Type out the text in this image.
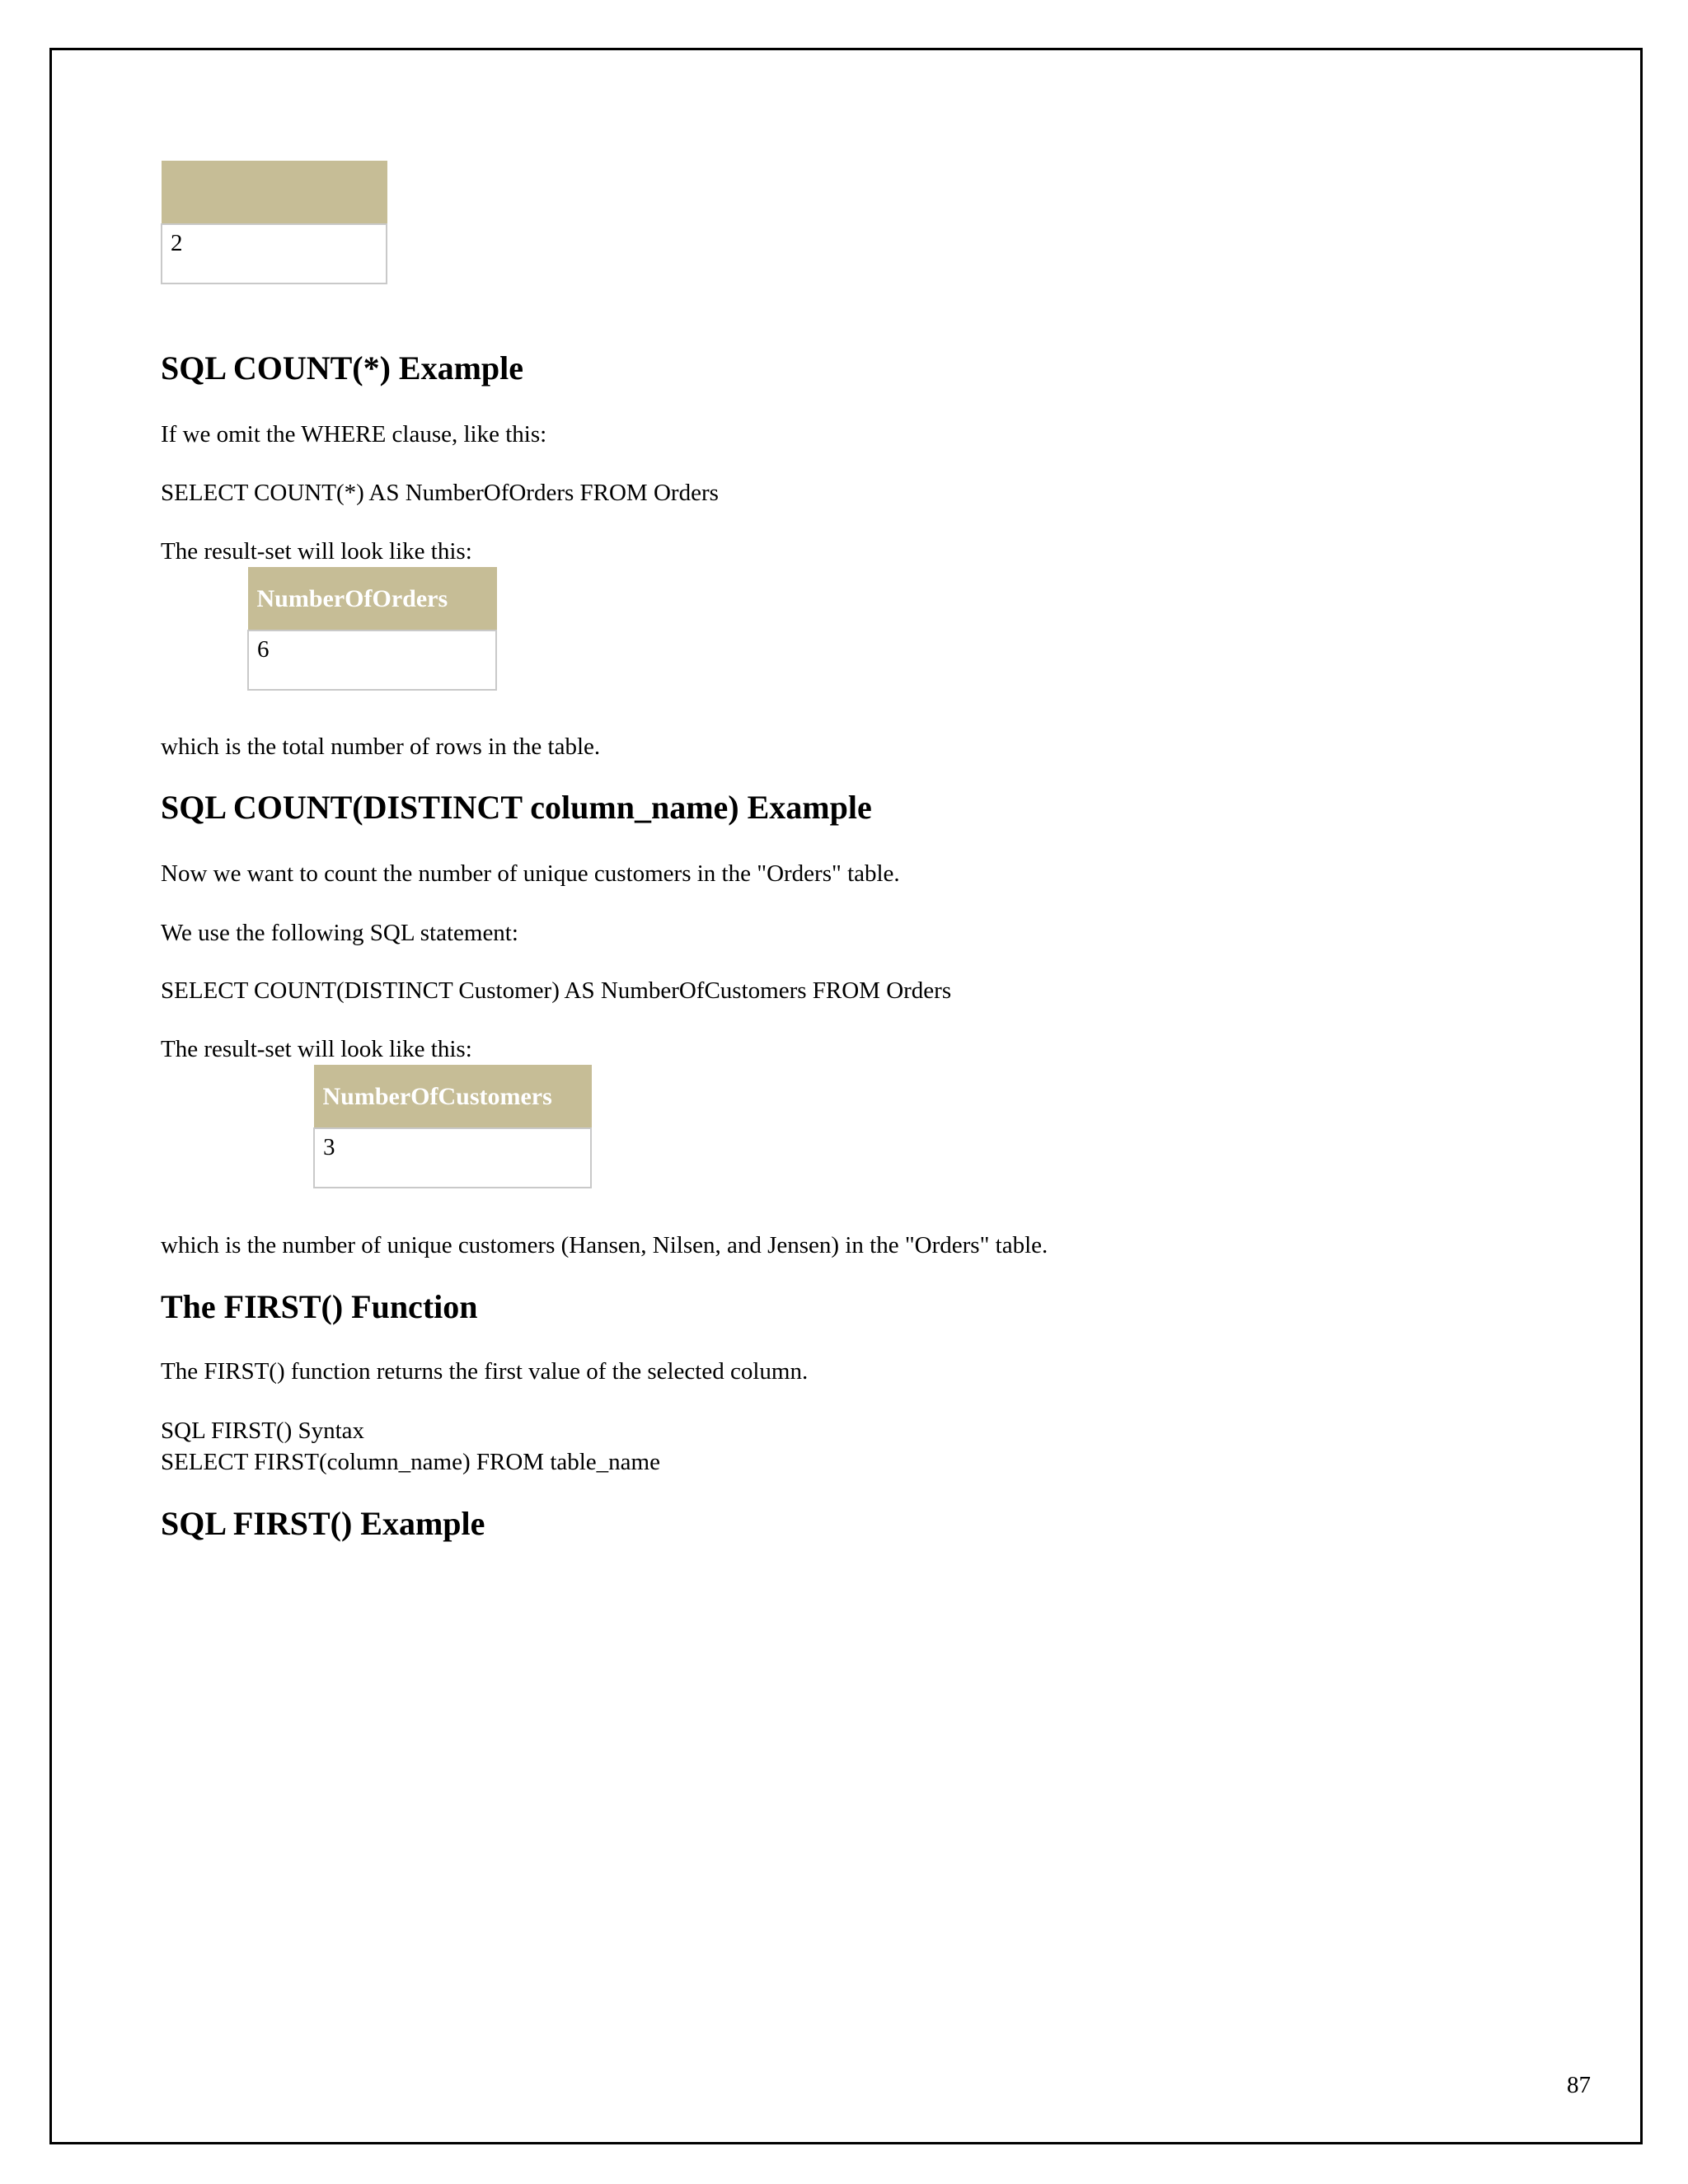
2
SQL COUNT(*) Example

If we omit the WHERE clause, like this:

SELECT COUNT(*) AS NumberOfOrders FROM Orders

The result-set will look like this:

NumberOfOrders
6

which is the total number of rows in the table.

SQL COUNT(DISTINCT column_name) Example

Now we want to count the number of unique customers in the "Orders" table.

We use the following SQL statement:

SELECT COUNT(DISTINCT Customer) AS NumberOfCustomers FROM Orders

The result-set will look like this:

NumberOfCustomers
3

which is the number of unique customers (Hansen, Nilsen, and Jensen) in the "Orders" table.

The FIRST() Function

The FIRST() function returns the first value of the selected column.

SQL FIRST() Syntax

SELECT FIRST(column_name) FROM table_name

SQL FIRST() Example
87
